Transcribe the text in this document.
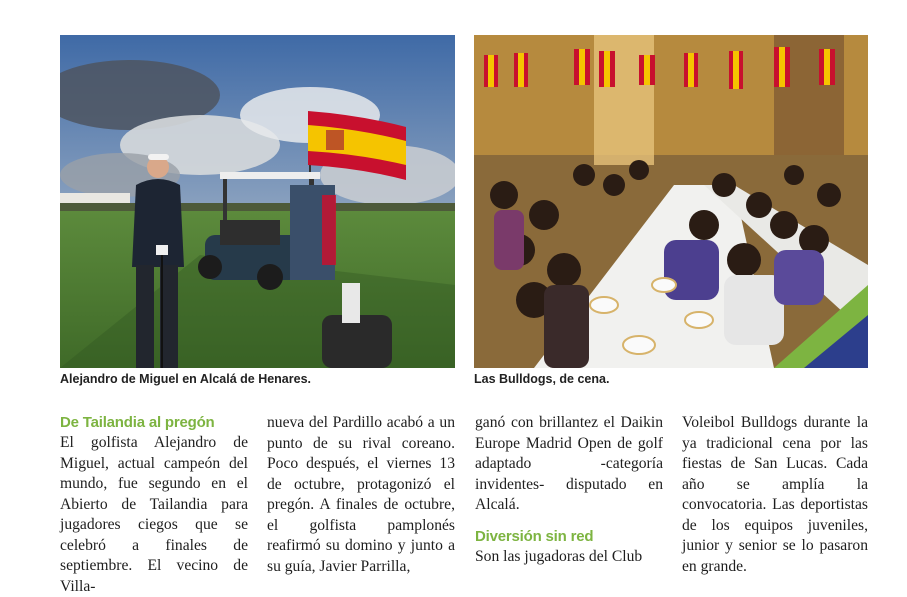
Alejandro de Miguel en Alcalá de Henares.	Las Bulldogs, de cena.
De Tailandia al pregón
El golfista Alejandro de Miguel, actual campeón del mundo, fue segundo en el Abierto de Tailandia para jugadores ciegos que se celebró a finales de septiembre. El vecino de Villa-
nueva del Pardillo acabó a un punto de su rival coreano. Poco después, el viernes 13 de octubre, protagonizó el pregón. A finales de octubre, el golfista pamplonés reafirmó su domino y junto a su guía, Javier Parrilla,
ganó con brillantez el Daikin Europe Madrid Open de golf adaptado -categoría invidentes- disputado en Alcalá.
Diversión sin red
Son las jugadoras del Club
Voleibol Bulldogs durante la ya tradicional cena por las fiestas de San Lucas. Cada año se amplía la convocatoria. Las deportistas de los equipos juveniles, junior y senior se lo pasaron en grande.
